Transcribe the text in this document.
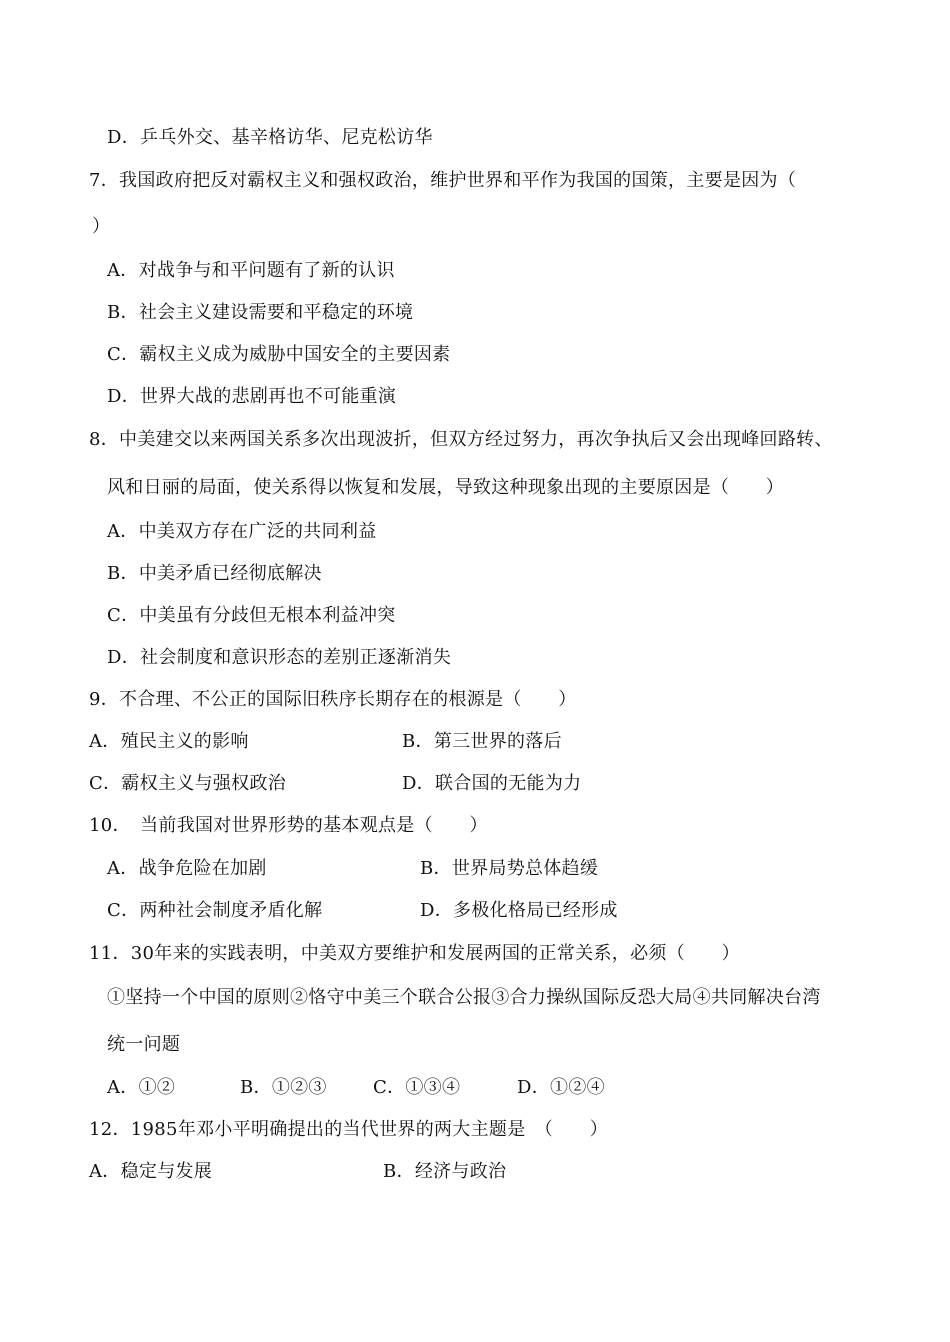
D．乒乓外交、基辛格访华、尼克松访华
7．我国政府把反对霸权主义和强权政治，维护世界和平作为我国的国策，主要是因为（
）
A．对战争与和平问题有了新的认识
B．社会主义建设需要和平稳定的环境
C．霸权主义成为威胁中国安全的主要因素
D．世界大战的悲剧再也不可能重演
8．中美建交以来两国关系多次出现波折，但双方经过努力，再次争执后又会出现峰回路转、
风和日丽的局面，使关系得以恢复和发展，导致这种现象出现的主要原因是（　　）
A．中美双方存在广泛的共同利益
B．中美矛盾已经彻底解决
C．中美虽有分歧但无根本利益冲突
D．社会制度和意识形态的差别正逐渐消失
9．不合理、不公正的国际旧秩序长期存在的根源是（　　）
A．殖民主义的影响	B．第三世界的落后
C．霸权主义与强权政治	D．联合国的无能为力
10．　当前我国对世界形势的基本观点是（　　）
A．战争危险在加剧	B．世界局势总体趋缓
C．两种社会制度矛盾化解	D．多极化格局已经形成
11．30年来的实践表明，中美双方要维护和发展两国的正常关系，必须（　　）
①坚持一个中国的原则②恪守中美三个联合公报③合力操纵国际反恐大局④共同解决台湾
统一问题
A．①②	B．①②③	C．①③④	D．①②④
12．1985年邓小平明确提出的当代世界的两大主题是　（　　）
A．稳定与发展	B．经济与政治
